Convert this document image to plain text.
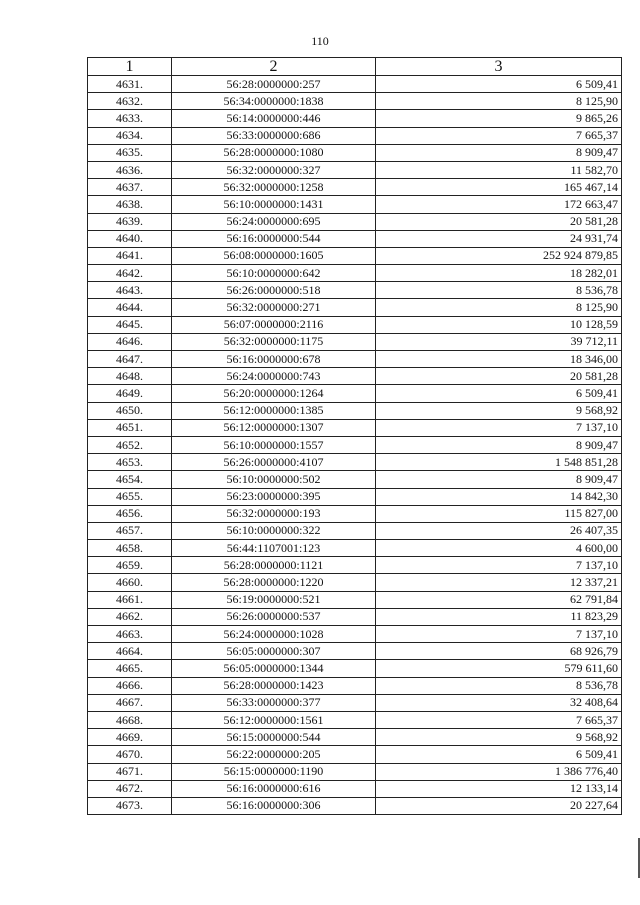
110
1	2	3
4631.	56:28:0000000:257	6 509,41
4632.	56:34:0000000:1838	8 125,90
4633.	56:14:0000000:446	9 865,26
4634.	56:33:0000000:686	7 665,37
4635.	56:28:0000000:1080	8 909,47
4636.	56:32:0000000:327	11 582,70
4637.	56:32:0000000:1258	165 467,14
4638.	56:10:0000000:1431	172 663,47
4639.	56:24:0000000:695	20 581,28
4640.	56:16:0000000:544	24 931,74
4641.	56:08:0000000:1605	252 924 879,85
4642.	56:10:0000000:642	18 282,01
4643.	56:26:0000000:518	8 536,78
4644.	56:32:0000000:271	8 125,90
4645.	56:07:0000000:2116	10 128,59
4646.	56:32:0000000:1175	39 712,11
4647.	56:16:0000000:678	18 346,00
4648.	56:24:0000000:743	20 581,28
4649.	56:20:0000000:1264	6 509,41
4650.	56:12:0000000:1385	9 568,92
4651.	56:12:0000000:1307	7 137,10
4652.	56:10:0000000:1557	8 909,47
4653.	56:26:0000000:4107	1 548 851,28
4654.	56:10:0000000:502	8 909,47
4655.	56:23:0000000:395	14 842,30
4656.	56:32:0000000:193	115 827,00
4657.	56:10:0000000:322	26 407,35
4658.	56:44:1107001:123	4 600,00
4659.	56:28:0000000:1121	7 137,10
4660.	56:28:0000000:1220	12 337,21
4661.	56:19:0000000:521	62 791,84
4662.	56:26:0000000:537	11 823,29
4663.	56:24:0000000:1028	7 137,10
4664.	56:05:0000000:307	68 926,79
4665.	56:05:0000000:1344	579 611,60
4666.	56:28:0000000:1423	8 536,78
4667.	56:33:0000000:377	32 408,64
4668.	56:12:0000000:1561	7 665,37
4669.	56:15:0000000:544	9 568,92
4670.	56:22:0000000:205	6 509,41
4671.	56:15:0000000:1190	1 386 776,40
4672.	56:16:0000000:616	12 133,14
4673.	56:16:0000000:306	20 227,64
